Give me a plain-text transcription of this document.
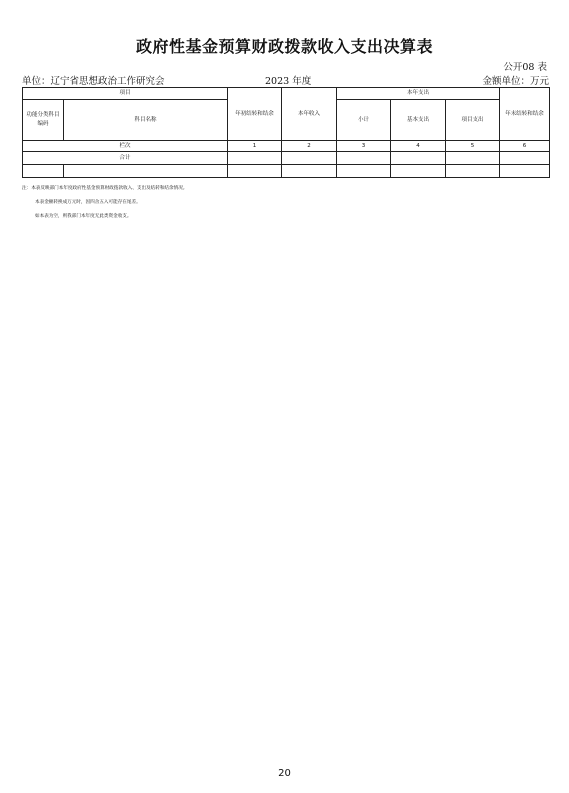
政府性基金预算财政拨款收入支出决算表
公开08 表
单位：辽宁省思想政治工作研究会	2023 年度	金额单位：万元
项目		年初结转和结余	本年收入	本年支出			年末结转和结余
功能分类科目编码	科目名称			小计	基本支出	项目支出	
栏次		1	2	3	4	5	6
合计							

注：本表反映部门本年度政府性基金预算财政拨款收入、支出及结转和结余情况。
本表金额转换成万元时，因四舍五入可能存在尾差。
如本表为空，则我部门本年度无此类资金收支。
20
